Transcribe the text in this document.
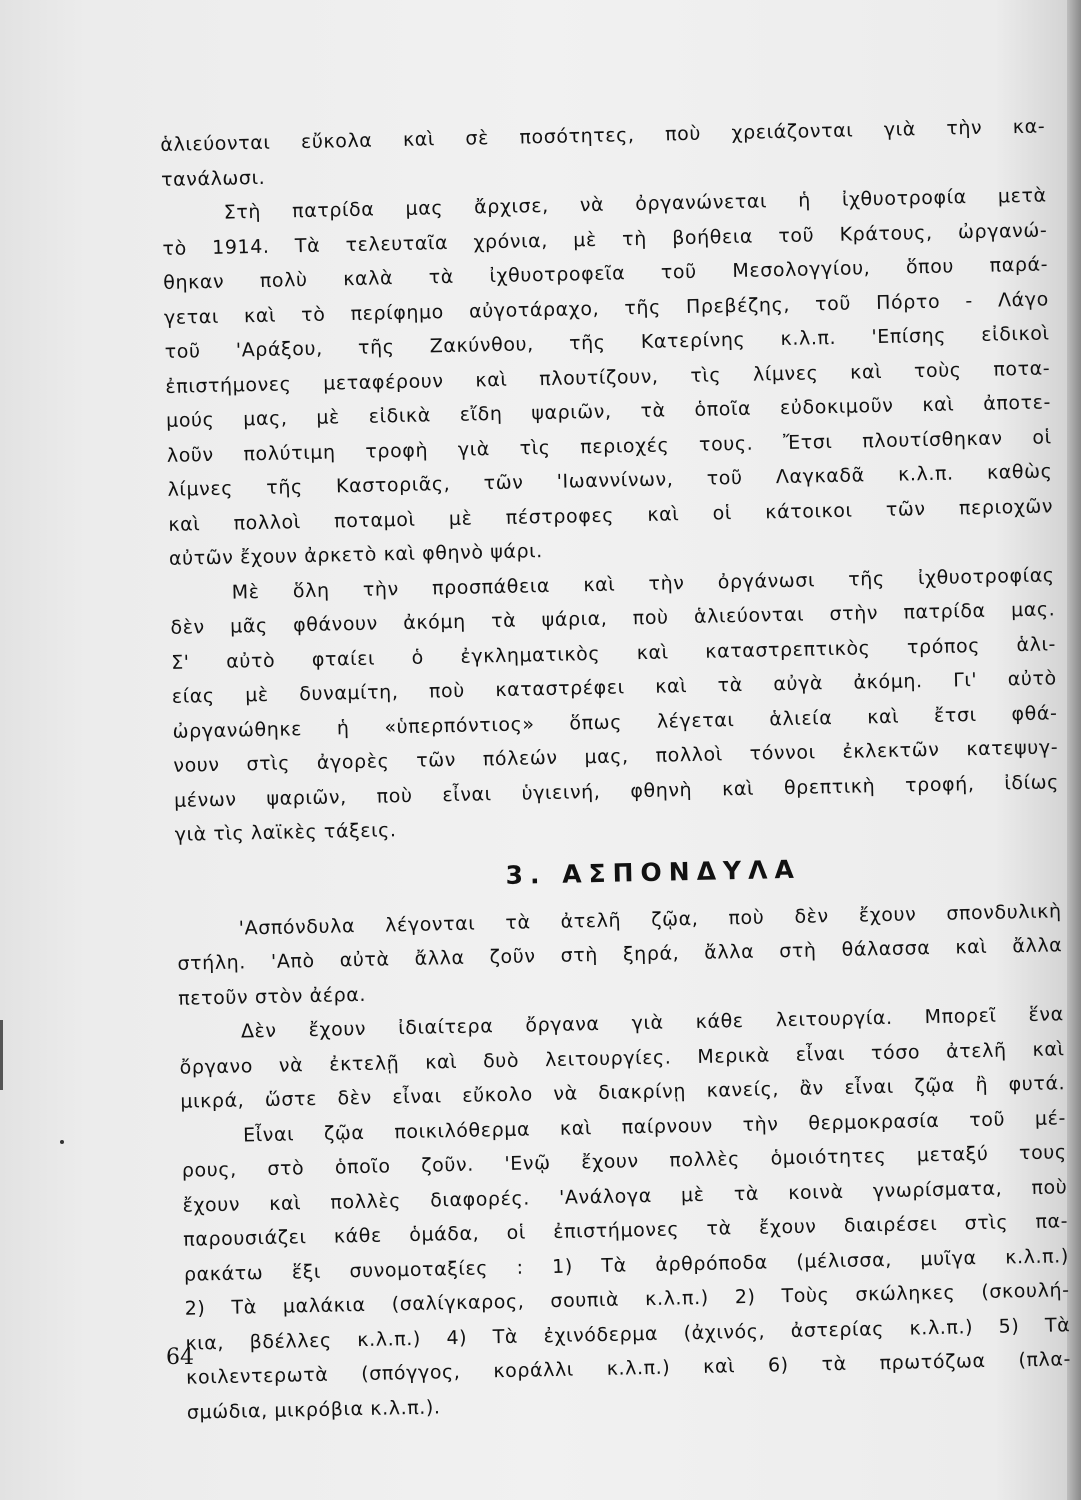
ἁλιεύονται εὔκολα καὶ σὲ ποσότητες, ποὺ χρειάζονται γιὰ τὴν κα-
τανάλωσι.
Στὴ πατρίδα μας ἄρχισε, νὰ ὀργανώνεται ἡ ἰχθυοτροφία μετὰ
τὸ 1914. Τὰ τελευταῖα χρόνια, μὲ τὴ βοήθεια τοῦ Κράτους, ὠργανώ-
θηκαν πολὺ καλὰ τὰ ἰχθυοτροφεῖα τοῦ Μεσολογγίου, ὅπου παρά-
γεται καὶ τὸ περίφημο αὐγοτάραχο, τῆς Πρεβέζης, τοῦ Πόρτο - Λάγο
τοῦ 'Αράξου, τῆς Ζακύνθου, τῆς Κατερίνης κ.λ.π. 'Επίσης εἰδικοὶ
ἐπιστήμονες μεταφέρουν καὶ πλουτίζουν, τὶς λίμνες καὶ τοὺς ποτα-
μούς μας, μὲ εἰδικὰ εἴδη ψαριῶν, τὰ ὁποῖα εὐδοκιμοῦν καὶ ἀποτε-
λοῦν πολύτιμη τροφὴ γιὰ τὶς περιοχές τους. Ἔτσι πλουτίσθηκαν οἱ
λίμνες τῆς Καστοριᾶς, τῶν 'Ιωαννίνων, τοῦ Λαγκαδᾶ κ.λ.π. καθὼς
καὶ πολλοὶ ποταμοὶ μὲ πέστροφες καὶ οἱ κάτοικοι τῶν περιοχῶν
αὐτῶν ἔχουν ἀρκετὸ καὶ φθηνὸ ψάρι.
Μὲ ὅλη τὴν προσπάθεια καὶ τὴν ὀργάνωσι τῆς ἰχθυοτροφίας
δὲν μᾶς φθάνουν ἀκόμη τὰ ψάρια, ποὺ ἁλιεύονται στὴν πατρίδα μας.
Σ' αὐτὸ φταίει ὁ ἐγκληματικὸς καὶ καταστρεπτικὸς τρόπος ἁλι-
είας μὲ δυναμίτη, ποὺ καταστρέφει καὶ τὰ αὐγὰ ἀκόμη. Γι' αὐτὸ
ὠργανώθηκε ἡ «ὑπερπόντιος» ὅπως λέγεται ἁλιεία καὶ ἔτσι φθά-
νουν στὶς ἀγορὲς τῶν πόλεών μας, πολλοὶ τόννοι ἐκλεκτῶν κατεψυγ-
μένων ψαριῶν, ποὺ εἶναι ὑγιεινή, φθηνὴ καὶ θρεπτικὴ τροφή, ἰδίως
γιὰ τὶς λαϊκὲς τάξεις.
3. ΑΣΠΟΝΔΥΛΑ
'Ασπόνδυλα λέγονται τὰ ἀτελῆ ζῷα, ποὺ δὲν ἔχουν σπονδυλικὴ
στήλη. 'Απὸ αὐτὰ ἄλλα ζοῦν στὴ ξηρά, ἄλλα στὴ θάλασσα καὶ ἄλλα
πετοῦν στὸν ἀέρα.
Δὲν ἔχουν ἰδιαίτερα ὄργανα γιὰ κάθε λειτουργία. Μπορεῖ ἕνα
ὄργανο νὰ ἐκτελῇ καὶ δυὸ λειτουργίες. Μερικὰ εἶναι τόσο ἀτελῆ καὶ
μικρά, ὥστε δὲν εἶναι εὔκολο νὰ διακρίνῃ κανείς, ἂν εἶναι ζῷα ἢ φυτά.
Εἶναι ζῷα ποικιλόθερμα καὶ παίρνουν τὴν θερμοκρασία τοῦ μέ-
ρους, στὸ ὁποῖο ζοῦν. 'Ενῷ ἔχουν πολλὲς ὁμοιότητες μεταξύ τους
ἔχουν καὶ πολλὲς διαφορές. 'Ανάλογα μὲ τὰ κοινὰ γνωρίσματα, ποὺ
παρουσιάζει κάθε ὁμάδα, οἱ ἐπιστήμονες τὰ ἔχουν διαιρέσει στὶς πα-
ρακάτω ἕξι συνομοταξίες : 1) Τὰ ἀρθρόποδα (μέλισσα, μυῖγα κ.λ.π.)
2) Τὰ μαλάκια (σαλίγκαρος, σουπιὰ κ.λ.π.) 2) Τοὺς σκώληκες (σκουλή-
κια, βδέλλες κ.λ.π.) 4) Τὰ ἐχινόδερμα (ἀχινός, ἀστερίας κ.λ.π.) 5) Τὰ
κοιλεντερωτὰ (σπόγγος, κοράλλι κ.λ.π.) καὶ 6) τὰ πρωτόζωα (πλα-
σμώδια, μικρόβια κ.λ.π.).
64
